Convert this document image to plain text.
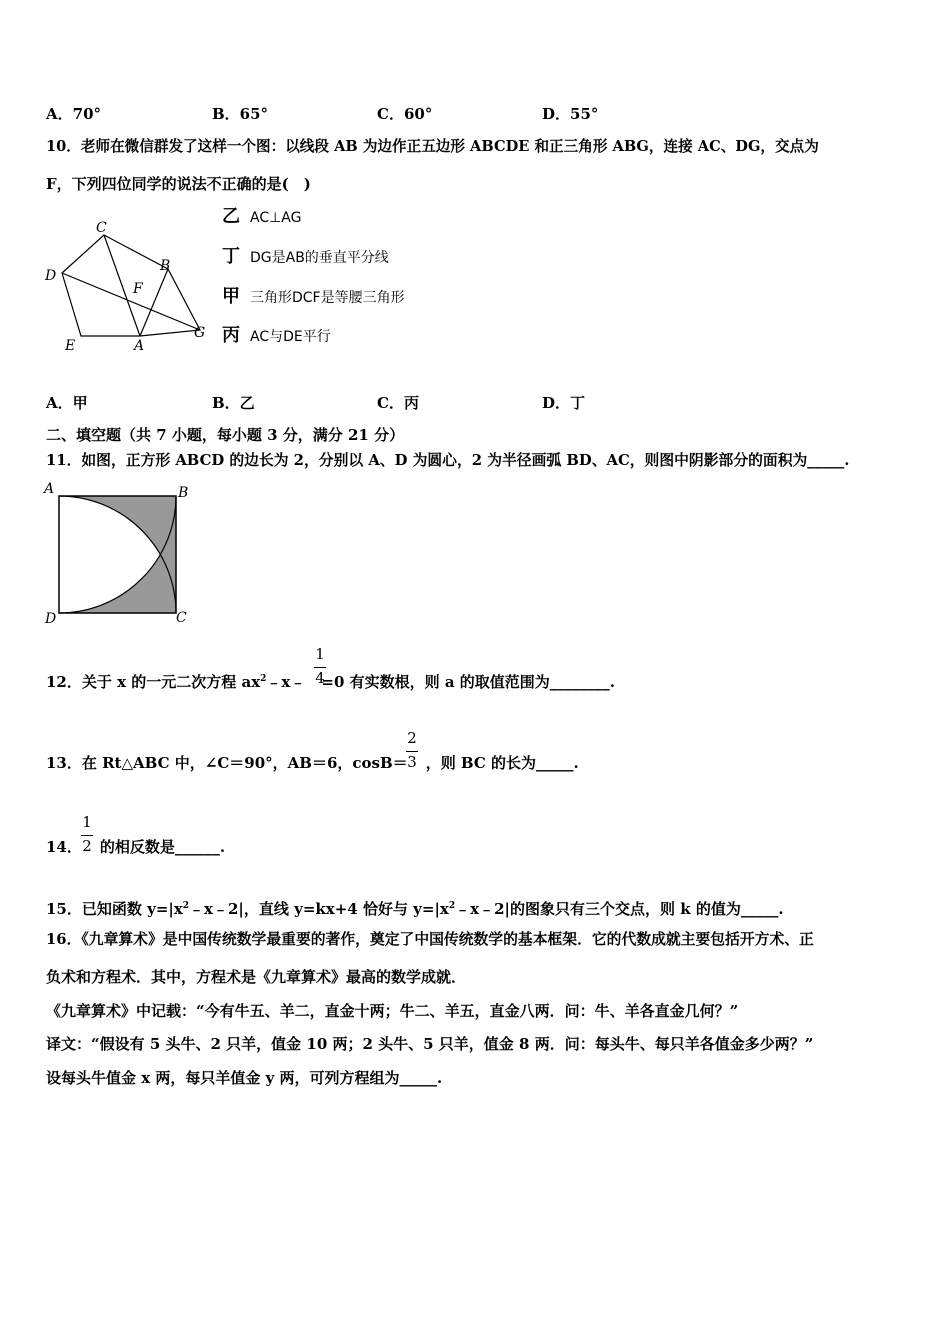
A．70°	B．65°	C．60°	D．55°
10．老师在微信群发了这样一个图：以线段 AB 为边作正五边形 ABCDE 和正三角形 ABG，连接 AC、DG，交点为
F，下列四位同学的说法不正确的是(　)
C
B
D
F
E	A
G
乙 AC⊥AG
丁 DG是AB的垂直平分线
甲 三角形DCF是等腰三角形
丙 AC与DE平行
A．甲	B．乙	C．丙	D．丁
二、填空题（共 7 小题，每小题 3 分，满分 21 分）
11．如图，正方形 ABCD 的边长为 2，分别以 A、D 为圆心，2 为半径画弧 BD、AC，则图中阴影部分的面积为_____.
A	B
C
D
12．关于 x 的一元二次方程 $ax^2﹣x﹣ =0$ 有实数根，则 a 的取值范围为________.
1
4
13．在 Rt△ABC 中，∠C＝90°，AB＝6，cosB＝ ，则 BC 的长为_____.
2
3
14． 的相反数是______.
1
2
15．已知函数 $y=|x^2﹣x﹣2|$，直线 y=kx+4 恰好与 $y=|x^2﹣x﹣2|$的图象只有三个交点，则 k 的值为_____.
16．《九章算术》是中国传统数学最重要的著作，奠定了中国传统数学的基本框架．它的代数成就主要包括开方术、正
负术和方程术．其中，方程术是《九章算术》最高的数学成就．
《九章算术》中记载：“今有牛五、羊二，直金十两；牛二、羊五，直金八两．问：牛、羊各直金几何？”
译文：“假设有 5 头牛、2 只羊，值金 10 两；2 头牛、5 只羊，值金 8 两．问：每头牛、每只羊各值金多少两？”
设每头牛值金 x 两，每只羊值金 y 两，可列方程组为_____.
